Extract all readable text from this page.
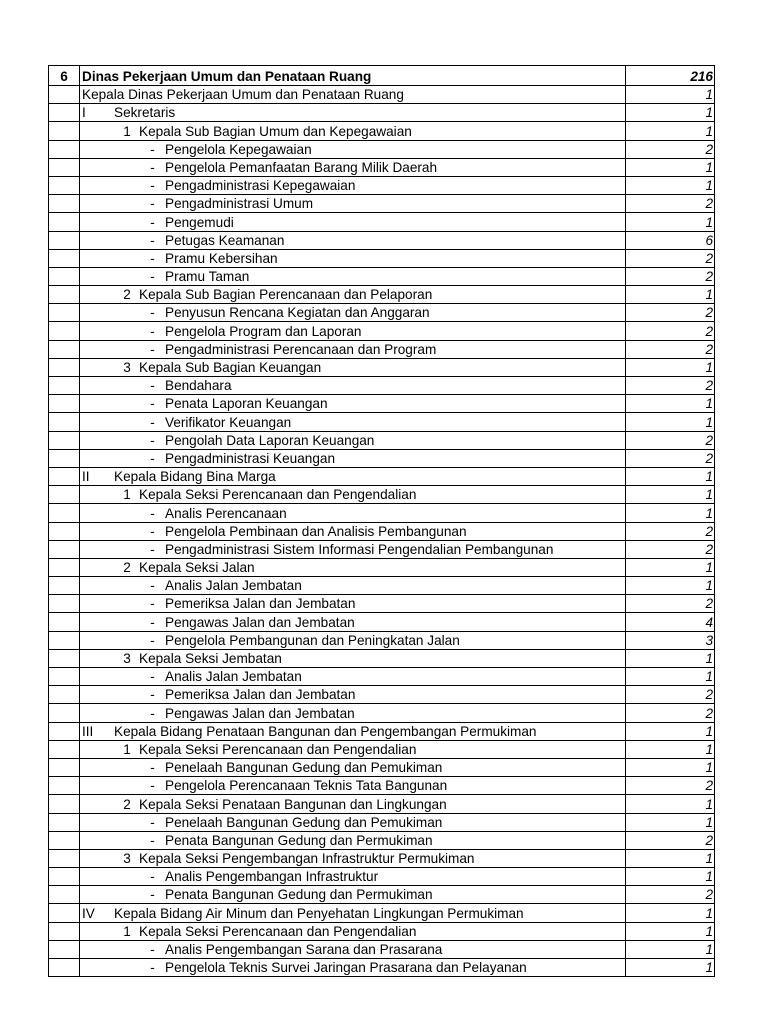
6	Dinas Pekerjaan Umum dan Penataan Ruang	216
	Kepala Dinas Pekerjaan Umum dan Penataan Ruang	1
	I Sekretaris	1
	1 Kepala Sub Bagian Umum dan Kepegawaian	1
	- Pengelola Kepegawaian	2
	- Pengelola Pemanfaatan Barang Milik Daerah	1
	- Pengadministrasi Kepegawaian	1
	- Pengadministrasi Umum	2
	- Pengemudi	1
	- Petugas Keamanan	6
	- Pramu Kebersihan	2
	- Pramu Taman	2
	2 Kepala Sub Bagian Perencanaan dan Pelaporan	1
	- Penyusun Rencana Kegiatan dan Anggaran	2
	- Pengelola Program dan Laporan	2
	- Pengadministrasi Perencanaan dan Program	2
	3 Kepala Sub Bagian Keuangan	1
	- Bendahara	2
	- Penata Laporan Keuangan	1
	- Verifikator Keuangan	1
	- Pengolah Data Laporan Keuangan	2
	- Pengadministrasi Keuangan	2
	II Kepala Bidang Bina Marga	1
	1 Kepala Seksi Perencanaan dan Pengendalian	1
	- Analis Perencanaan	1
	- Pengelola Pembinaan dan Analisis Pembangunan	2
	- Pengadministrasi Sistem Informasi Pengendalian Pembangunan	2
	2 Kepala Seksi Jalan	1
	- Analis Jalan Jembatan	1
	- Pemeriksa Jalan dan Jembatan	2
	- Pengawas Jalan dan Jembatan	4
	- Pengelola Pembangunan dan Peningkatan Jalan	3
	3 Kepala Seksi Jembatan	1
	- Analis Jalan Jembatan	1
	- Pemeriksa Jalan dan Jembatan	2
	- Pengawas Jalan dan Jembatan	2
	III Kepala Bidang Penataan Bangunan dan Pengembangan Permukiman	1
	1 Kepala Seksi Perencanaan dan Pengendalian	1
	- Penelaah Bangunan Gedung dan Pemukiman	1
	- Pengelola Perencanaan Teknis Tata Bangunan	2
	2 Kepala Seksi Penataan Bangunan dan Lingkungan	1
	- Penelaah Bangunan Gedung dan Pemukiman	1
	- Penata Bangunan Gedung dan Permukiman	2
	3 Kepala Seksi Pengembangan Infrastruktur Permukiman	1
	- Analis Pengembangan Infrastruktur	1
	- Penata Bangunan Gedung dan Permukiman	2
	IV Kepala Bidang Air Minum dan Penyehatan Lingkungan Permukiman	1
	1 Kepala Seksi Perencanaan dan Pengendalian	1
	- Analis Pengembangan Sarana dan Prasarana	1
	- Pengelola Teknis Survei Jaringan Prasarana dan Pelayanan	1
